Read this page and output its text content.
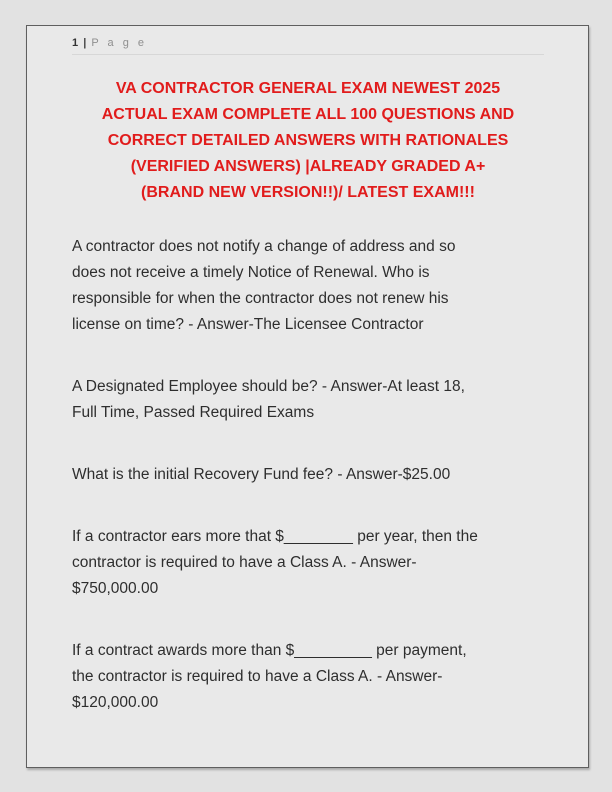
1 | P a g e
VA CONTRACTOR GENERAL EXAM NEWEST 2025
ACTUAL EXAM COMPLETE ALL 100 QUESTIONS AND
CORRECT DETAILED ANSWERS WITH RATIONALES
(VERIFIED ANSWERS) |ALREADY GRADED A+
(BRAND NEW VERSION!!)/ LATEST EXAM!!!
A contractor does not notify a change of address and so
does not receive a timely Notice of Renewal. Who is
responsible for when the contractor does not renew his
license on time? - Answer-The Licensee Contractor
A Designated Employee should be? - Answer-At least 18,
Full Time, Passed Required Exams
What is the initial Recovery Fund fee? - Answer-$25.00
If a contractor ears more that $________ per year, then the
contractor is required to have a Class A. - Answer-
$750,000.00
If a contract awards more than $_________ per payment,
the contractor is required to have a Class A. - Answer-
$120,000.00
